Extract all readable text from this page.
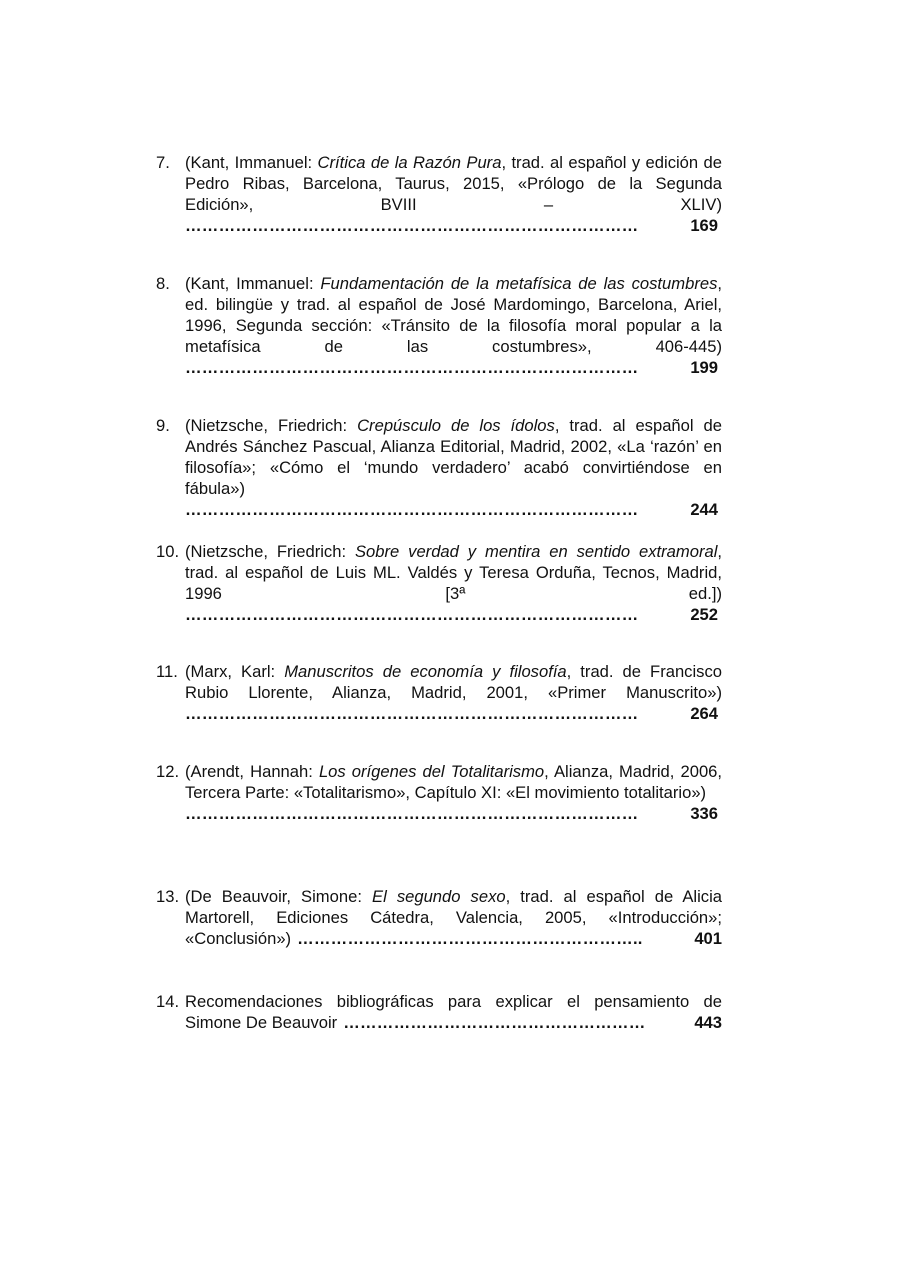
7. (Kant, Immanuel: Crítica de la Razón Pura, trad. al español y edición de Pedro Ribas, Barcelona, Taurus, 2015, «Prólogo de la Segunda Edición», BVIII – XLIV)
………………………………………………………………………	169
8. (Kant, Immanuel: Fundamentación de la metafísica de las costumbres, ed. bilingüe y trad. al español de José Mardomingo, Barcelona, Ariel, 1996, Segunda sección: «Tránsito de la filosofía moral popular a la metafísica de las costumbres», 406-445)
………………………………………………………………………	199
9. (Nietzsche, Friedrich: Crepúsculo de los ídolos, trad. al español de Andrés Sánchez Pascual, Alianza Editorial, Madrid, 2002, «La ‘razón’ en filosofía»; «Cómo el ‘mundo verdadero’ acabó convirtiéndose en fábula»)
………………………………………………………………………	244
10. (Nietzsche, Friedrich: Sobre verdad y mentira en sentido extramoral, trad. al español de Luis ML. Valdés y Teresa Orduña, Tecnos, Madrid, 1996 [3ª ed.])
………………………………………………………………………	252
11. (Marx, Karl: Manuscritos de economía y filosofía, trad. de Francisco Rubio Llorente, Alianza, Madrid, 2001, «Primer Manuscrito»)
………………………………………………………………………	264
12. (Arendt, Hannah: Los orígenes del Totalitarismo, Alianza, Madrid, 2006, Tercera Parte: «Totalitarismo», Capítulo XI: «El movimiento totalitario»)
………………………………………………………………………	336
13. (De Beauvoir, Simone: El segundo sexo, trad. al español de Alicia Martorell, Ediciones Cátedra, Valencia, 2005, «Introducción»;
«Conclusión») ……………………………………………………..	401
14. Recomendaciones bibliográficas para explicar el pensamiento de
Simone De Beauvoir ………………………………………………	443
